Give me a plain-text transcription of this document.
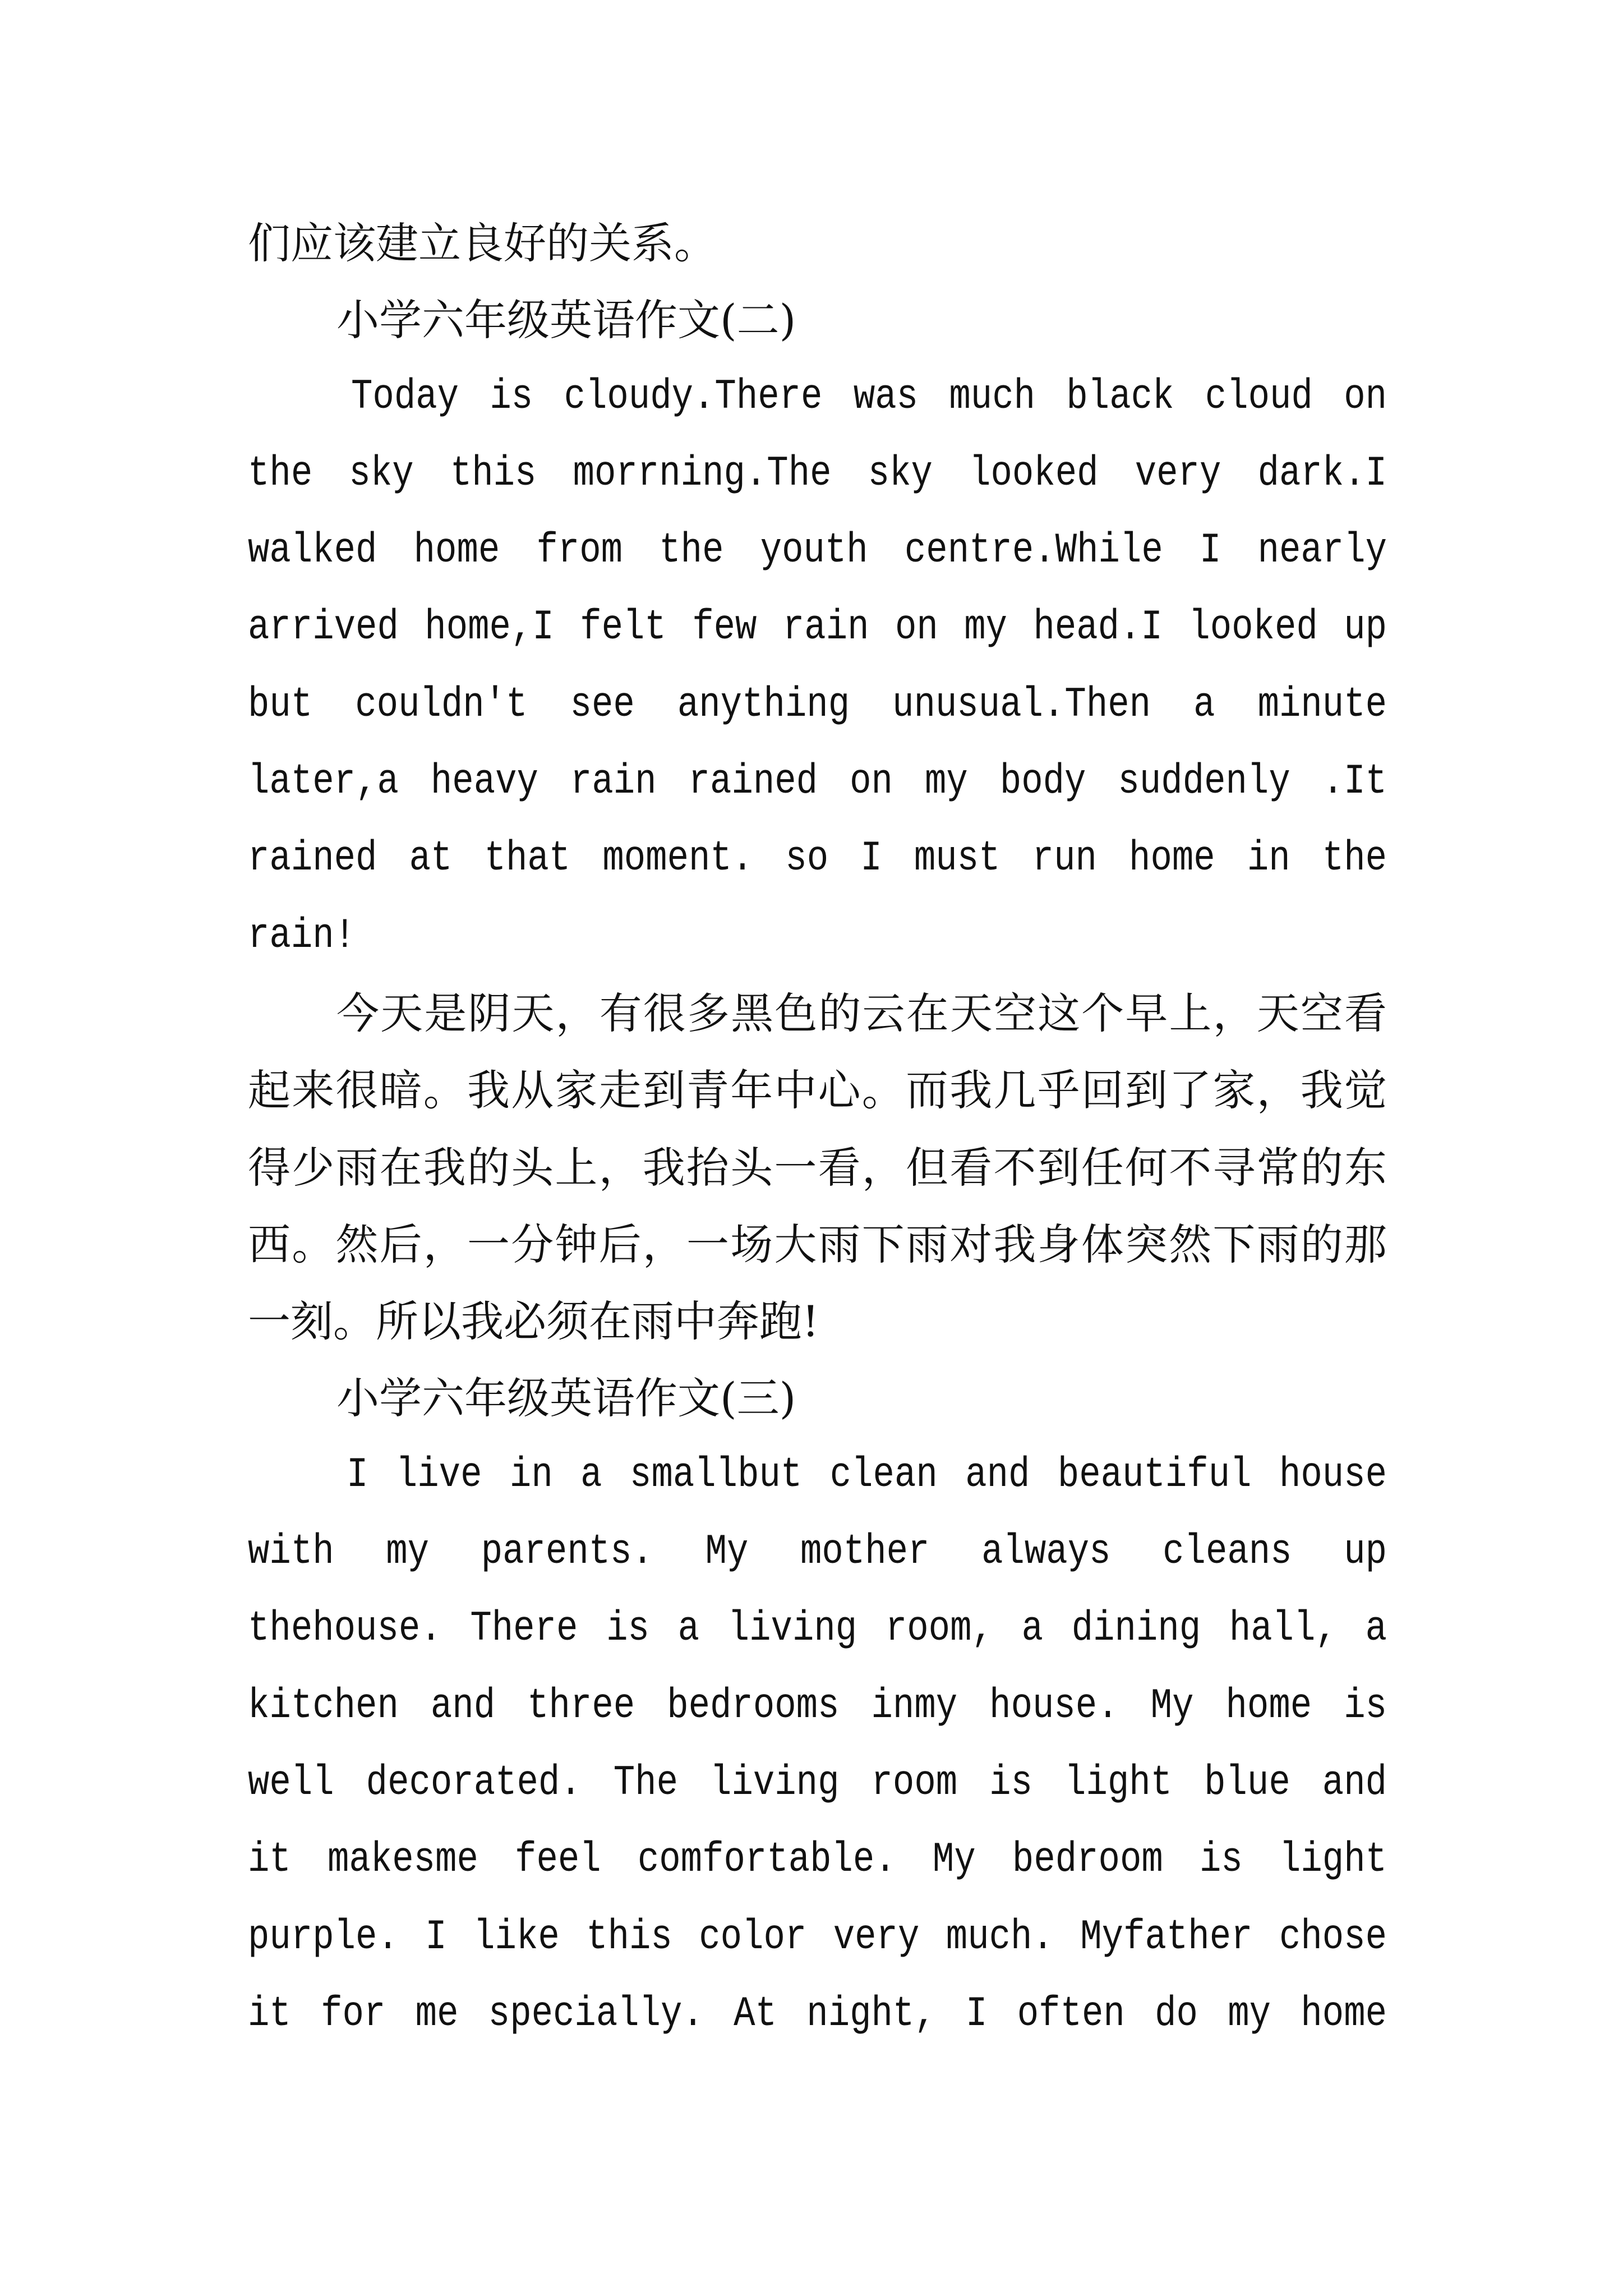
们应该建立良好的关系。
小学六年级英语作文(二)
Today is cloudy.There was much black cloud on
the sky this morrning.The sky looked very dark.I
walked home from the youth centre.While I nearly
arrived home,I felt few rain on my head.I looked up
but couldn't see anything unusual.Then a minute
later,a heavy rain rained on my body suddenly .It
rained at that moment. so I must run home in the
rain!
今天是阴天，有很多黑色的云在天空这个早上，天空看
起来很暗。我从家走到青年中心。而我几乎回到了家，我觉
得少雨在我的头上，我抬头一看，但看不到任何不寻常的东
西。然后，一分钟后，一场大雨下雨对我身体突然下雨的那
一刻。所以我必须在雨中奔跑!
小学六年级英语作文(三)
I live in a smallbut clean and beautiful house
with my parents. My mother always cleans up
thehouse. There is a living room, a dining hall, a
kitchen and three bedrooms inmy house. My home is
well decorated. The living room is light blue and
it makesme feel comfortable. My bedroom is light
purple. I like this color very much. Myfather chose
it for me specially. At night, I often do my home
